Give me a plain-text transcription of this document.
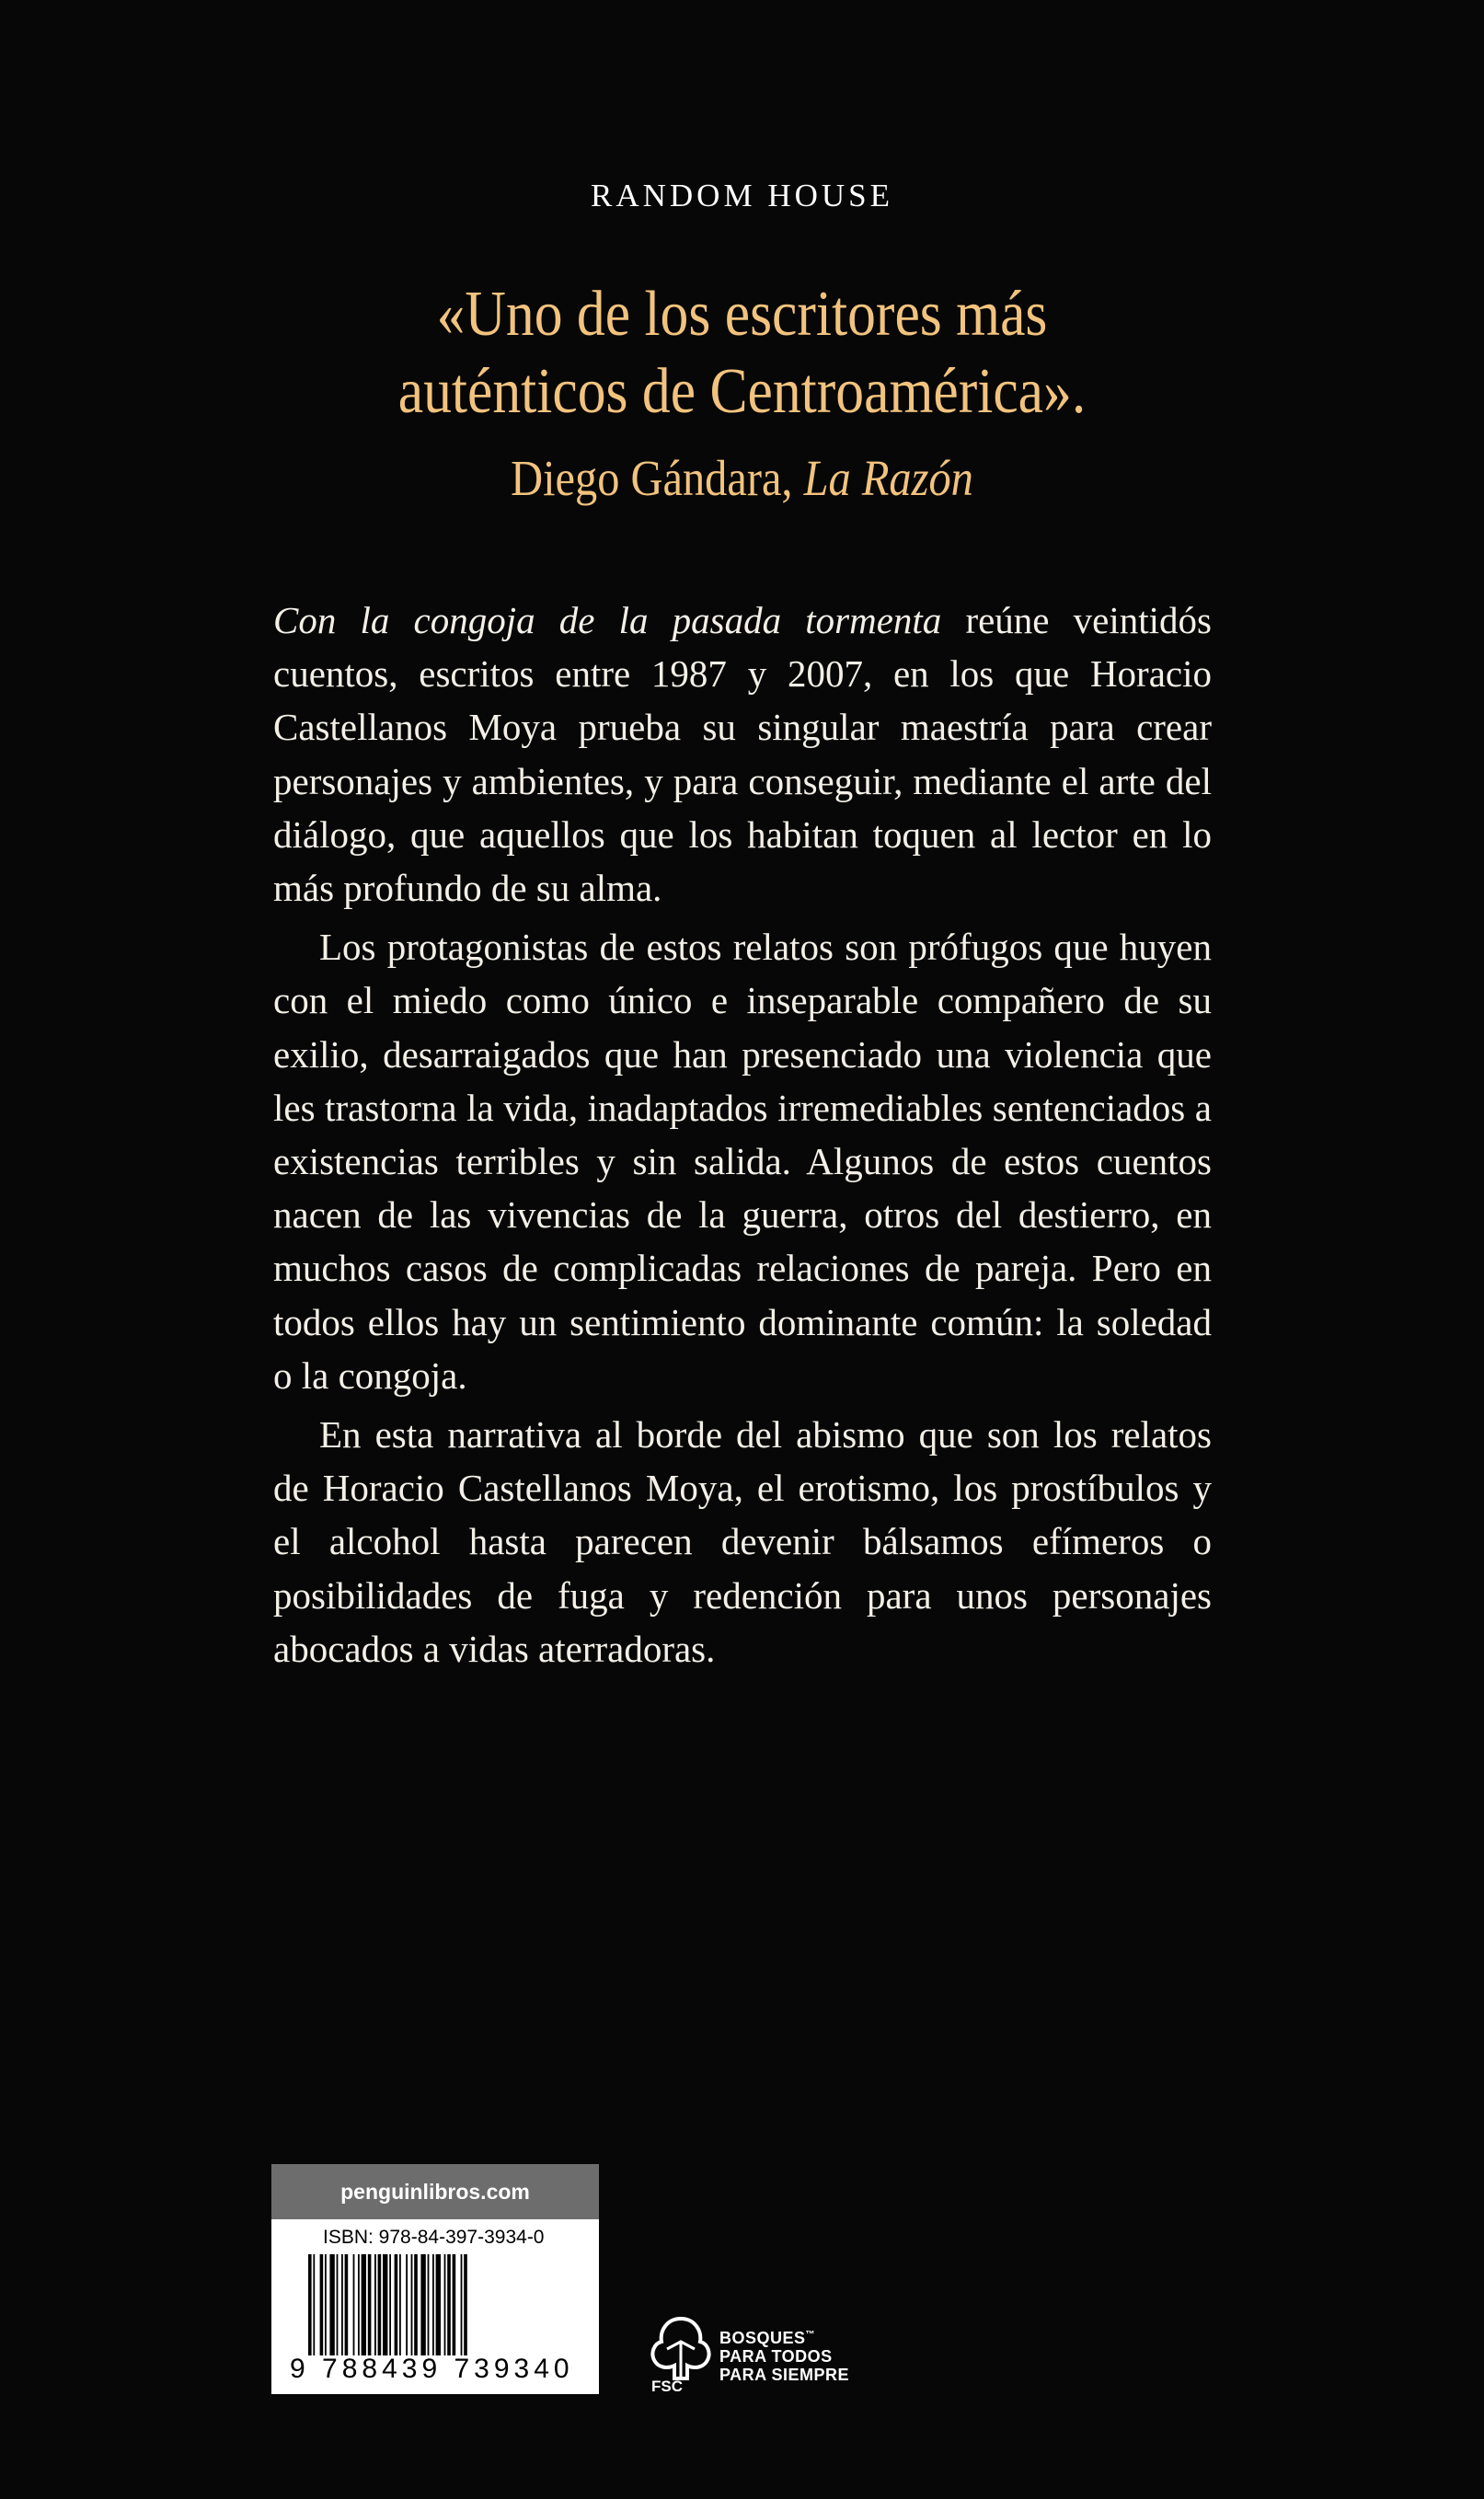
RANDOM HOUSE
«Uno de los escritores más
auténticos de Centroamérica».
Diego Gándara, La Razón

Con la congoja de la pasada tormenta reúne veintidós cuentos, escritos entre 1987 y 2007, en los que Horacio Castellanos Moya prueba su singular maestría para crear personajes y ambientes, y para conseguir, mediante el arte del diálogo, que aquellos que los habitan toquen al lector en lo más profundo de su alma.

Los protagonistas de estos relatos son prófugos que huyen con el miedo como único e inseparable compañero de su exilio, desarraigados que han presenciado una violencia que les trastorna la vida, inadaptados irremediables sentenciados a existencias terribles y sin salida. Algunos de estos cuentos nacen de las vivencias de la guerra, otros del destierro, en muchos casos de complicadas relaciones de pareja. Pero en todos ellos hay un sentimiento dominante común: la soledad o la congoja.

En esta narrativa al borde del abismo que son los relatos de Horacio Castellanos Moya, el erotismo, los prostíbulos y el alcohol hasta parecen devenir bálsamos efímeros o posibilidades de fuga y redención para unos personajes abocados a vidas aterradoras.

penguinlibros.com
ISBN: 978-84-397-3934-0
9 788439 739340
BOSQUES™
PARA TODOS
PARA SIEMPRE
FSC
